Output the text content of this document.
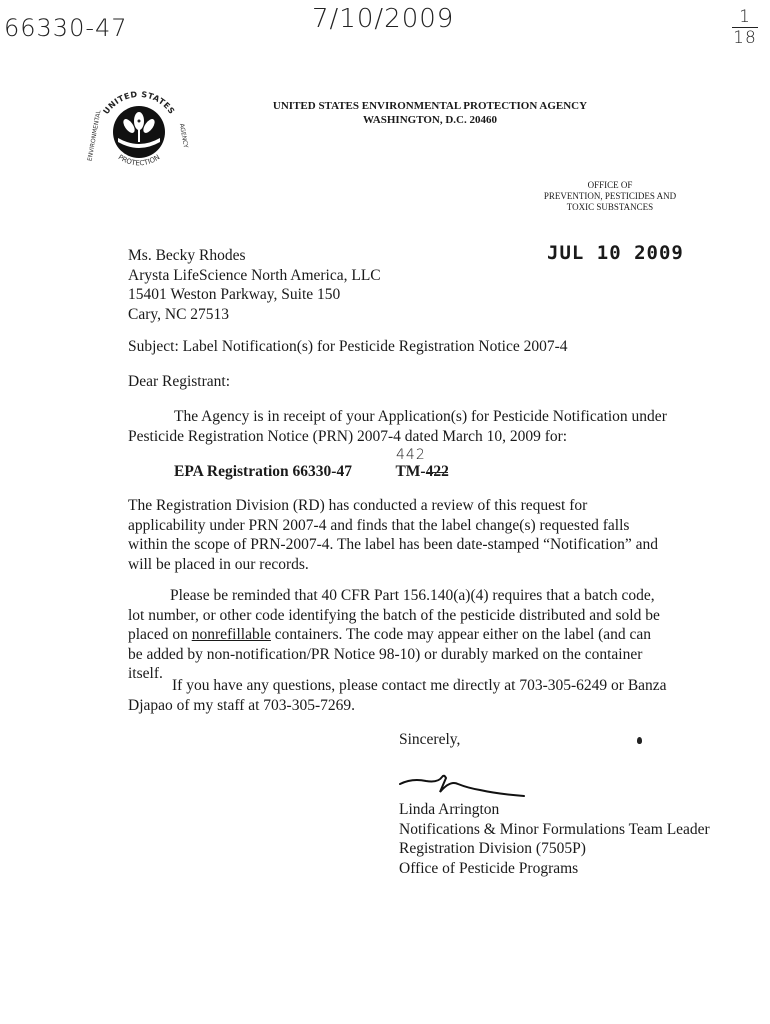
66330-47	7/10/2009	1
18
UNITED STATES
PROTECTION
ENVIRONMENTAL	AGENCY
UNITED STATES ENVIRONMENTAL PROTECTION AGENCY
WASHINGTON, D.C. 20460
OFFICE OF
PREVENTION, PESTICIDES AND
TOXIC SUBSTANCES
JUL 10 2009
Ms. Becky Rhodes
Arysta LifeScience North America, LLC
15401 Weston Parkway, Suite 150
Cary, NC 27513
Subject: Label Notification(s) for Pesticide Registration Notice 2007-4
Dear Registrant:
The Agency is in receipt of your Application(s) for Pesticide Notification under Pesticide Registration Notice (PRN) 2007-4 dated March 10, 2009 for:
442
EPA Registration 66330-47	TM-422
The Registration Division (RD) has conducted a review of this request for applicability under PRN 2007-4 and finds that the label change(s) requested falls within the scope of PRN-2007-4. The label has been date-stamped “Notification” and will be placed in our records.
Please be reminded that 40 CFR Part 156.140(a)(4) requires that a batch code, lot number, or other code identifying the batch of the pesticide distributed and sold be placed on nonrefillable containers. The code may appear either on the label (and can be added by non-notification/PR Notice 98-10) or durably marked on the container itself.
If you have any questions, please contact me directly at 703-305-6249 or Banza Djapao of my staff at 703-305-7269.
Sincerely,
Linda Arrington
Notifications & Minor Formulations Team Leader
Registration Division (7505P)
Office of Pesticide Programs
